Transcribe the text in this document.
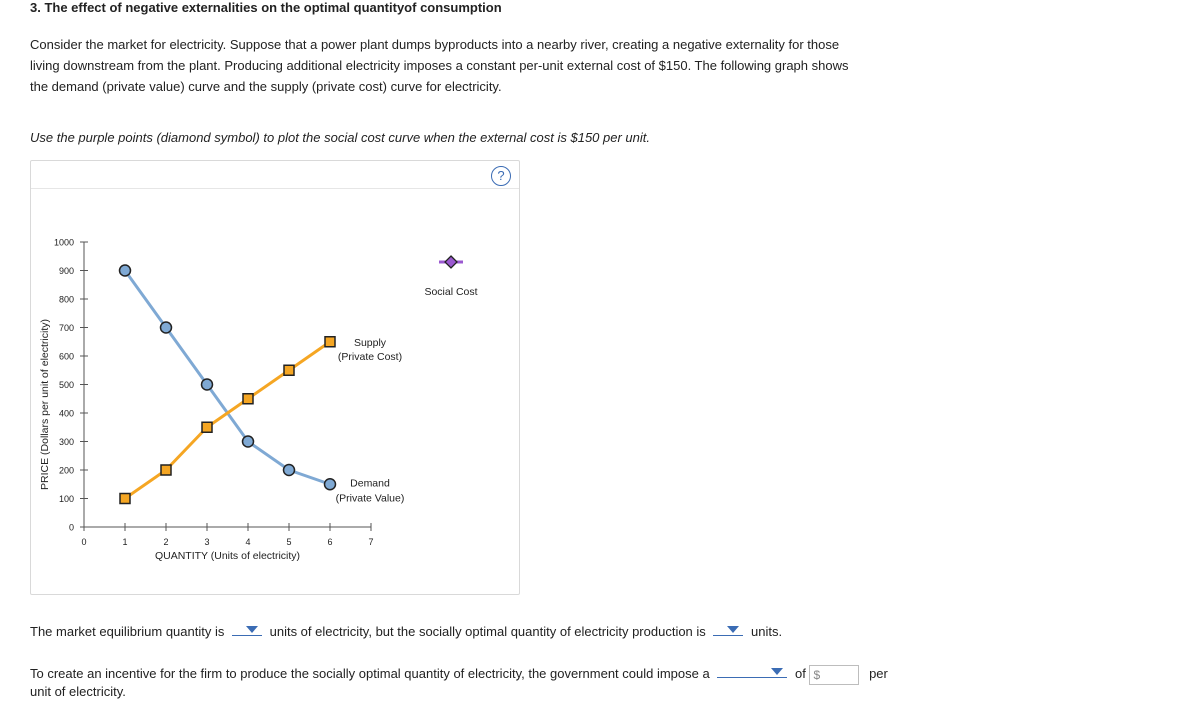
3. The effect of negative externalities on the optimal quantityof consumption
Consider the market for electricity. Suppose that a power plant dumps byproducts into a nearby river, creating a negative externality for those living downstream from the plant. Producing additional electricity imposes a constant per-unit external cost of $150. The following graph shows the demand (private value) curve and the supply (private cost) curve for electricity.
Use the purple points (diamond symbol) to plot the social cost curve when the external cost is $150 per unit.
?
0
100
200
300
400
500
600
700
800
900
1000
0	1	2	3	4	5	6	7
QUANTITY (Units of electricity)
PRICE (Dollars per unit of electricity)	Demand
(Private Value)
Supply
(Private Cost)
Social Cost
The market equilibrium quantity is	units of electricity, but the socially optimal quantity of electricity production is	units.
To create an incentive for the firm to produce the socially optimal quantity of electricity, the government could impose a	of $	per
unit of electricity.
